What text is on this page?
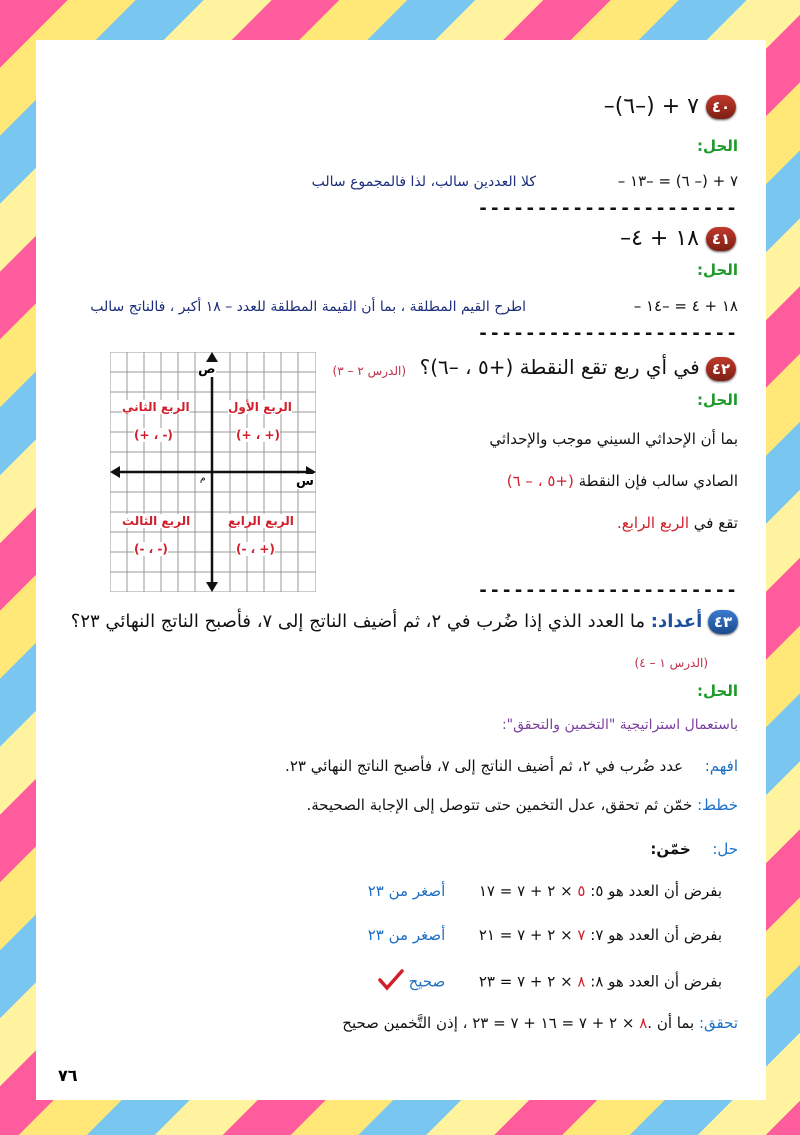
٤٠ –٧ + (–٦)
الحل:
– ٧ + (– ٦) = –١٣
كلا العددين سالب، لذا فالمجموع سالب
----------------------
٤١ –١٨ + ٤
الحل:
– ١٨ + ٤ = –١٤
اطرح القيم المطلقة ، بما أن القيمة المطلقة للعدد – ١٨ أكبر ، فالناتج سالب
----------------------
٤٢ في أي ربع تقع النقطة (+٥ ، –٦)؟
(الدرس ٢ – ٣)
الحل:
بما أن الإحداثي السيني موجب والإحداثي
الصادي سالب فإن النقطة (+٥ ، – ٦)
تقع في الربع الرابع.
ص
س
م
الربع الأول
(+ ، +)
الربع الثاني
(+ ، -)
الربع الثالث
(- ، -)
الربع الرابع
(- ، +)
----------------------
٤٣ أعداد: ما العدد الذي إذا ضُرب في ٢، ثم أضيف الناتج إلى ٧، فأصبح الناتج النهائي ٢٣؟
(الدرس ١ – ٤)
الحل:
باستعمال استراتيجية "التخمين والتحقق":
افهم:  عدد ضُرب في ٢، ثم أضيف الناتج إلى ٧، فأصبح الناتج النهائي ٢٣.
خطط: خمّن ثم تحقق، عدل التخمين حتى تتوصل إلى الإجابة الصحيحة.
حل:  خمّن:
بفرض أن العدد هو ٥: ٥ × ٢ + ٧ = ١٧  أصغر من ٢٣
بفرض أن العدد هو ٧: ٧ × ٢ + ٧ = ٢١  أصغر من ٢٣
بفرض أن العدد هو ٨: ٨ × ٢ + ٧ = ٢٣  صحيح
تحقق: بما أن ٨ × ٢ + ٧ = ١٦ + ٧ = ٢٣ ، إذن التَّخمين صحيح.
٧٦
